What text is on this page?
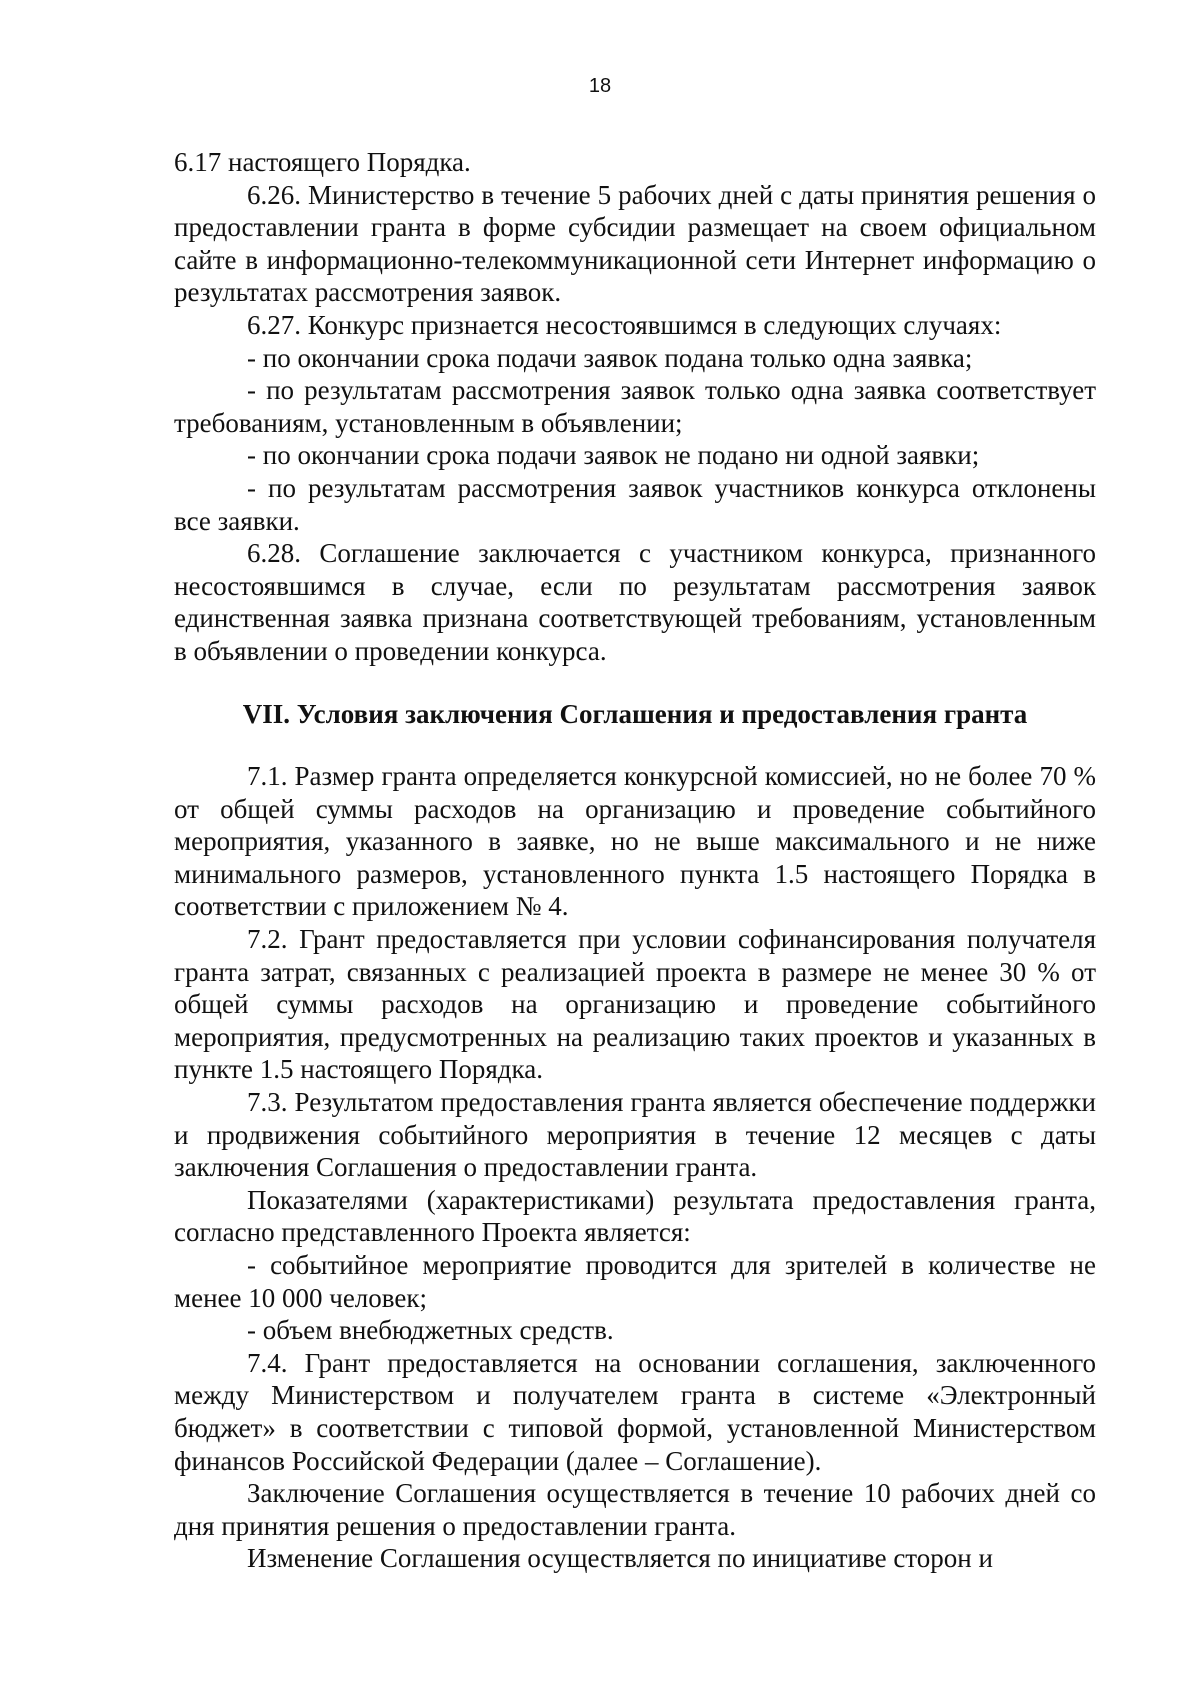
18

6.17 настоящего Порядка.

6.26. Министерство в течение 5 рабочих дней с даты принятия решения о предоставлении гранта в форме субсидии размещает на своем официальном сайте в информационно-телекоммуникационной сети Интернет информацию о результатах рассмотрения заявок.

6.27. Конкурс признается несостоявшимся в следующих случаях:

- по окончании срока подачи заявок подана только одна заявка;

- по результатам рассмотрения заявок только одна заявка соответствует требованиям, установленным в объявлении;

- по окончании срока подачи заявок не подано ни одной заявки;

- по результатам рассмотрения заявок участников конкурса отклонены все заявки.

6.28. Соглашение заключается с участником конкурса, признанного несостоявшимся в случае, если по результатам рассмотрения заявок единственная заявка признана соответствующей требованиям, установленным в объявлении о проведении конкурса.

VII. Условия заключения Соглашения и предоставления гранта

7.1. Размер гранта определяется конкурсной комиссией, но не более 70 % от общей суммы расходов на организацию и проведение событийного мероприятия, указанного в заявке, но не выше максимального и не ниже минимального размеров, установленного пункта 1.5 настоящего Порядка в соответствии с приложением № 4.

7.2. Грант предоставляется при условии софинансирования получателя гранта затрат, связанных с реализацией проекта в размере не менее 30 % от общей суммы расходов на организацию и проведение событийного мероприятия, предусмотренных на реализацию таких проектов и указанных в пункте 1.5 настоящего Порядка.

7.3. Результатом предоставления гранта является обеспечение поддержки и продвижения событийного мероприятия в течение 12 месяцев с даты заключения Соглашения о предоставлении гранта.

Показателями (характеристиками) результата предоставления гранта, согласно представленного Проекта является:

- событийное мероприятие проводится для зрителей в количестве не менее 10 000 человек;

- объем внебюджетных средств.

7.4. Грант предоставляется на основании соглашения, заключенного между Министерством и получателем гранта в системе «Электронный бюджет» в соответствии с типовой формой, установленной Министерством финансов Российской Федерации (далее – Соглашение).

Заключение Соглашения осуществляется в течение 10 рабочих дней со дня принятия решения о предоставлении гранта.

Изменение Соглашения осуществляется по инициативе сторон и
